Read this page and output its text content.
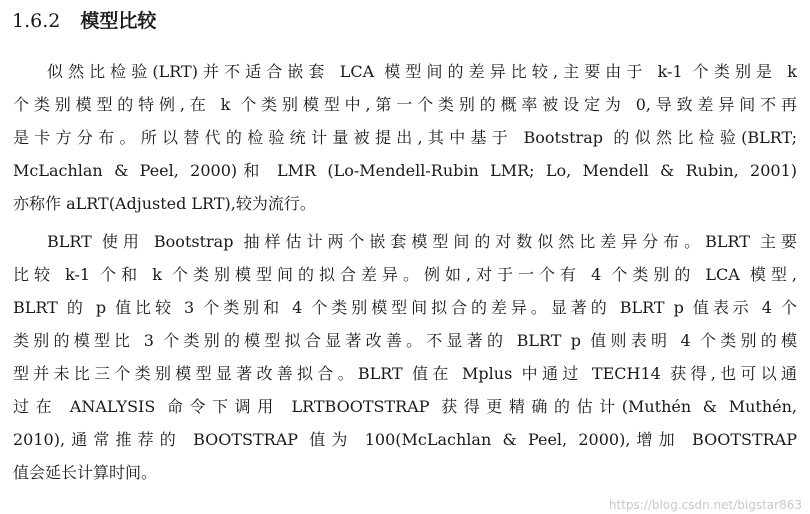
1.6.2 模型比较
似然比检验(LRT)并不适合嵌套 LCA 模型间的差异比较,主要由于 k-1 个类别是 k
个类别模型的特例,在 k 个类别模型中,第一个类别的概率被设定为 0,导致差异间不再
是卡方分布。所以替代的检验统计量被提出,其中基于 Bootstrap 的似然比检验(BLRT;
McLachlan & Peel, 2000)和 LMR (Lo-Mendell-Rubin LMR; Lo, Mendell & Rubin, 2001)
亦称作 aLRT(Adjusted LRT),较为流行。
BLRT 使用 Bootstrap 抽样估计两个嵌套模型间的对数似然比差异分布。BLRT 主要
比较 k-1 个和 k 个类别模型间的拟合差异。例如,对于一个有 4 个类别的 LCA 模型,
BLRT 的 p 值比较 3 个类别和 4 个类别模型间拟合的差异。显著的 BLRT p 值表示 4 个
类别的模型比 3 个类别的模型拟合显著改善。不显著的 BLRT p 值则表明 4 个类别的模
型并未比三个类别模型显著改善拟合。BLRT 值在 Mplus 中通过 TECH14 获得,也可以通
过在 ANALYSIS 命令下调用 LRTBOOTSTRAP 获得更精确的估计(Muthén & Muthén,
2010),通常推荐的 BOOTSTRAP 值为 100(McLachlan & Peel, 2000),增加 BOOTSTRAP
值会延长计算时间。
https://blog.csdn.net/bigstar863
